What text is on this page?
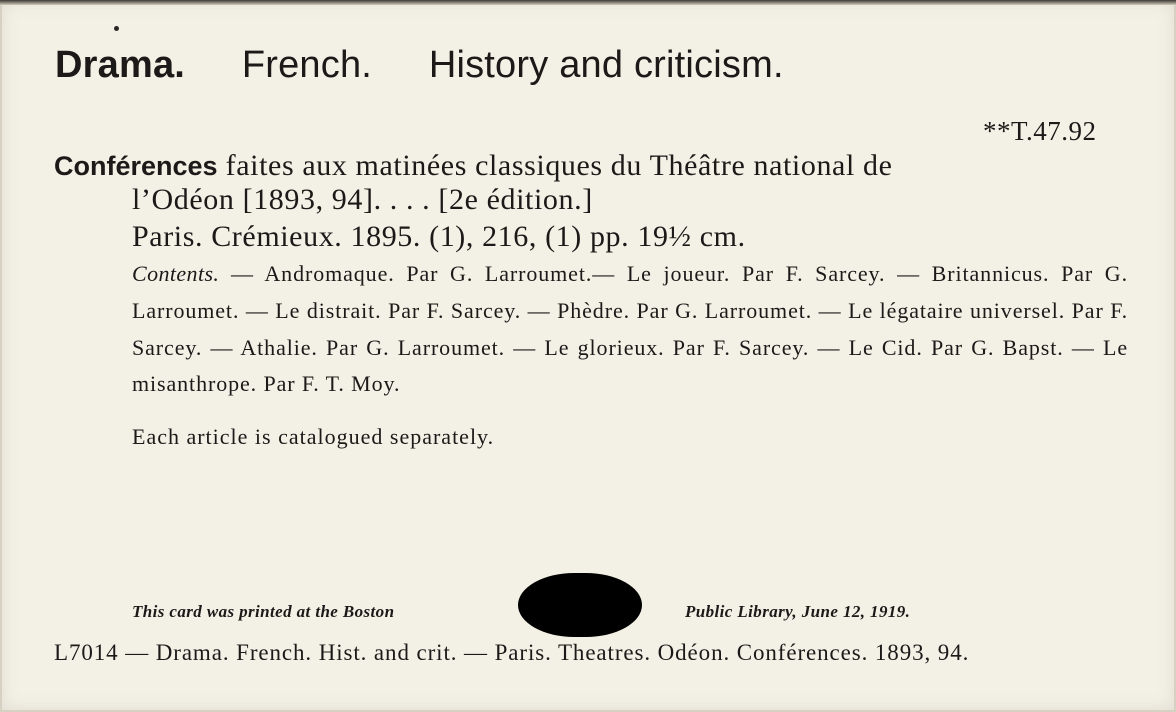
Drama. French. History and criticism.
**T.47.92
Conférences faites aux matinées classiques du Théâtre national de
l’Odéon [1893, 94]. . . . [2e édition.]
Paris. Crémieux. 1895. (1), 216, (1) pp. 19½ cm.
Contents. — Andromaque. Par G. Larroumet.— Le joueur. Par F. Sarcey. — Britannicus. Par G. Larroumet. — Le distrait. Par F. Sarcey. — Phèdre. Par G. Larroumet. — Le légataire universel. Par F. Sarcey. — Athalie. Par G. Larroumet. — Le glorieux. Par F. Sarcey. — Le Cid. Par G. Bapst. — Le misanthrope. Par F. T. Moy.
Each article is catalogued separately.
This card was printed at the Boston	Public Library, June 12, 1919.
L7014 — Drama. French. Hist. and crit. — Paris. Theatres. Odéon. Conférences. 1893, 94.
